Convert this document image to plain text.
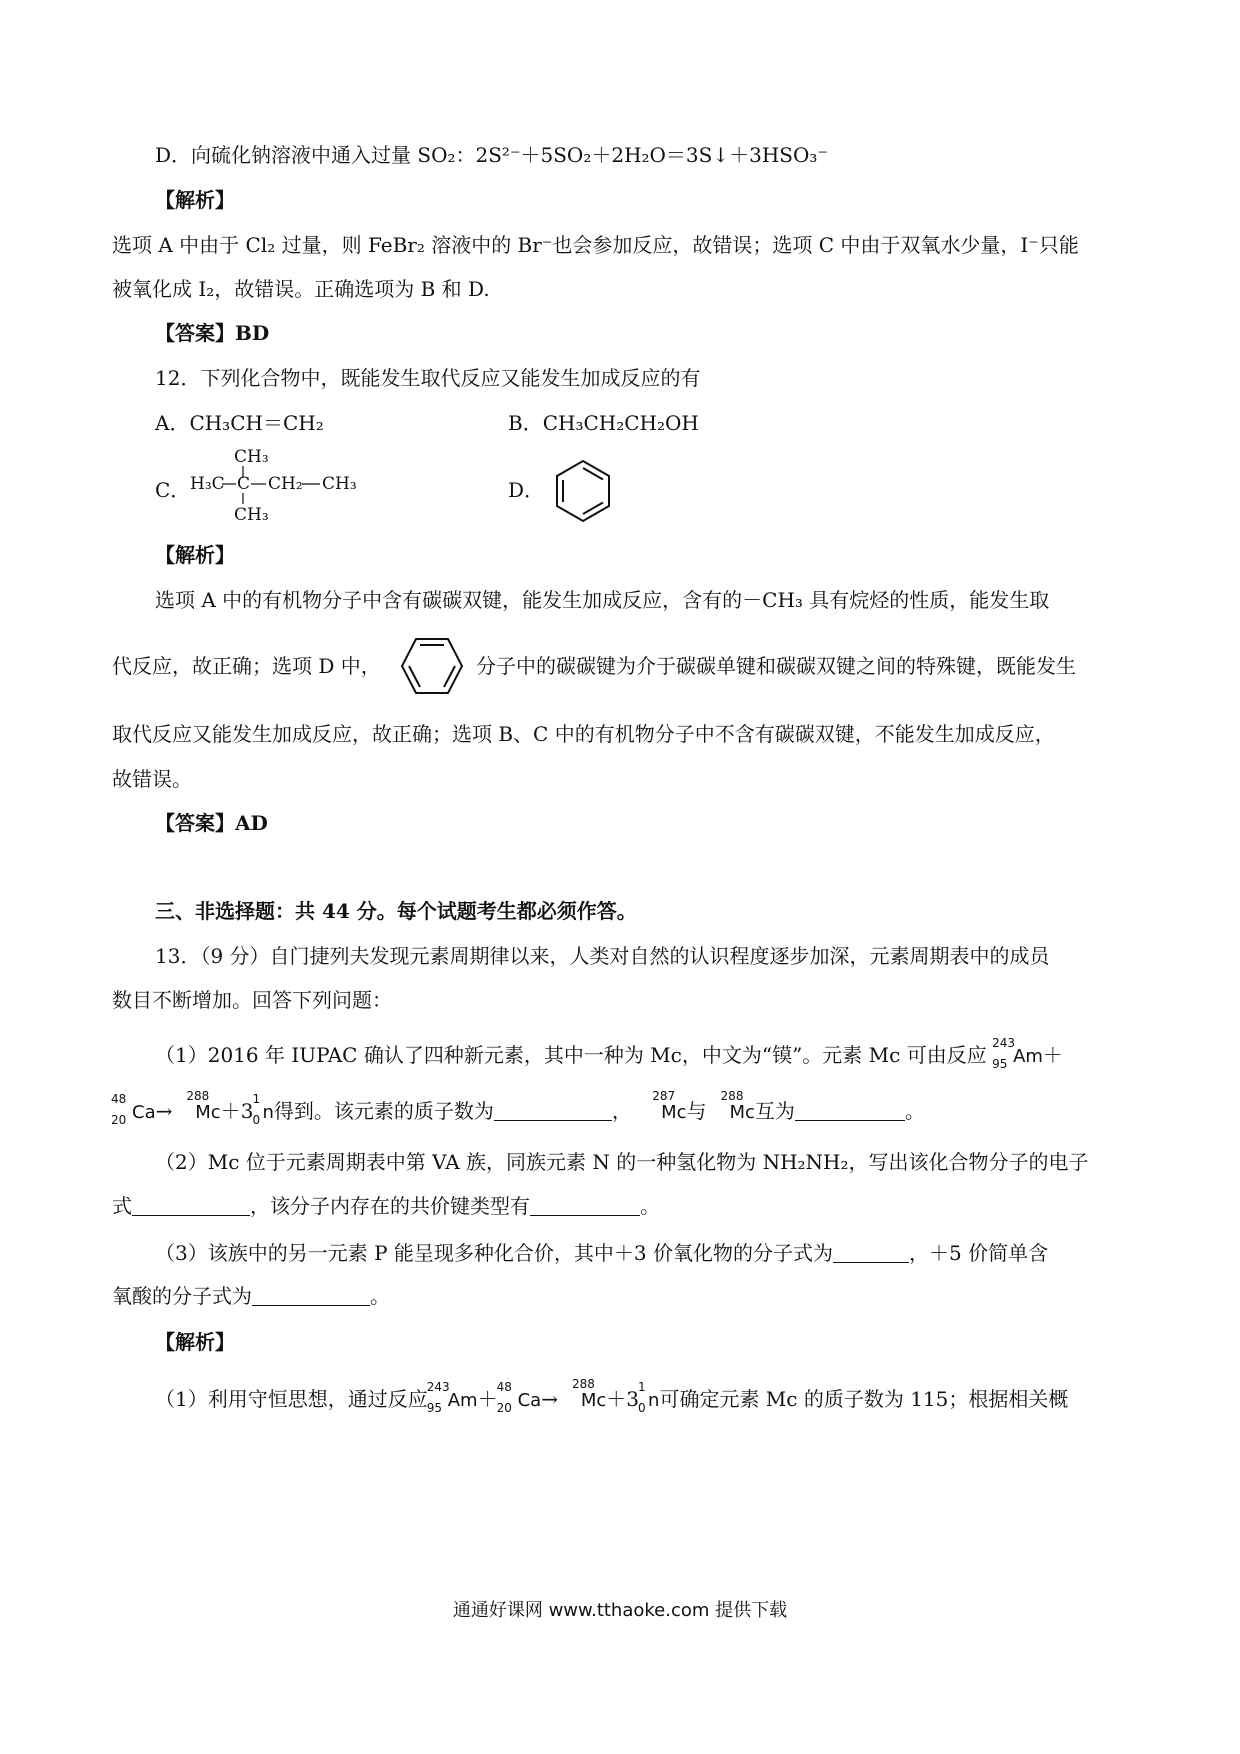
D．向硫化钠溶液中通入过量 SO₂：2S²⁻＋5SO₂＋2H₂O＝3S↓＋3HSO₃⁻
【解析】
选项 A 中由于 Cl₂ 过量，则 FeBr₂ 溶液中的 Br⁻也会参加反应，故错误；选项 C 中由于双氧水少量，I⁻只能
被氧化成 I₂，故错误。正确选项为 B 和 D.
【答案】BD
12．下列化合物中，既能发生取代反应又能发生加成反应的有
A．CH₃CH＝CH₂	B．CH₃CH₂CH₂OH
C．
CH₃
H₃C C CH₂ CH₃
CH₃
D．
【解析】
选项 A 中的有机物分子中含有碳碳双键，能发生加成反应，含有的－CH₃ 具有烷烃的性质，能发生取
代反应，故正确；选项 D 中，	分子中的碳碳键为介于碳碳单键和碳碳双键之间的特殊键，既能发生
取代反应又能发生加成反应，故正确；选项 B、C 中的有机物分子中不含有碳碳双键，不能发生加成反应，
故错误。
【答案】AD
三、非选择题：共 44 分。每个试题考生都必须作答。
13．（9 分）自门捷列夫发现元素周期律以来，人类对自然的认识程度逐步加深，元素周期表中的成员
数目不断增加。回答下列问题：
（1）2016 年 IUPAC 确认了四种新元素，其中一种为 Mc，中文为“镆”。元素 Mc 可由反应 243
95 Am＋
48
20 Ca→
288
Mc＋3 1
0 n得到。该元素的质子数为	，
287
Mc与
288
Mc互为	。
（2）Mc 位于元素周期表中第 VA 族，同族元素 N 的一种氢化物为 NH₂NH₂，写出该化合物分子的电子
式	，该分子内存在的共价键类型有	。
（3）该族中的另一元素 P 能呈现多种化合价，其中＋3 价氧化物的分子式为	，＋5 价简单含
氧酸的分子式为	。
【解析】
（1）利用守恒思想，通过反应 243
95 Am＋ 48
20 Ca→
288
Mc＋3 1
0 n可确定元素 Mc 的质子数为 115；根据相关概
通通好课网 www.tthaoke.com 提供下载
